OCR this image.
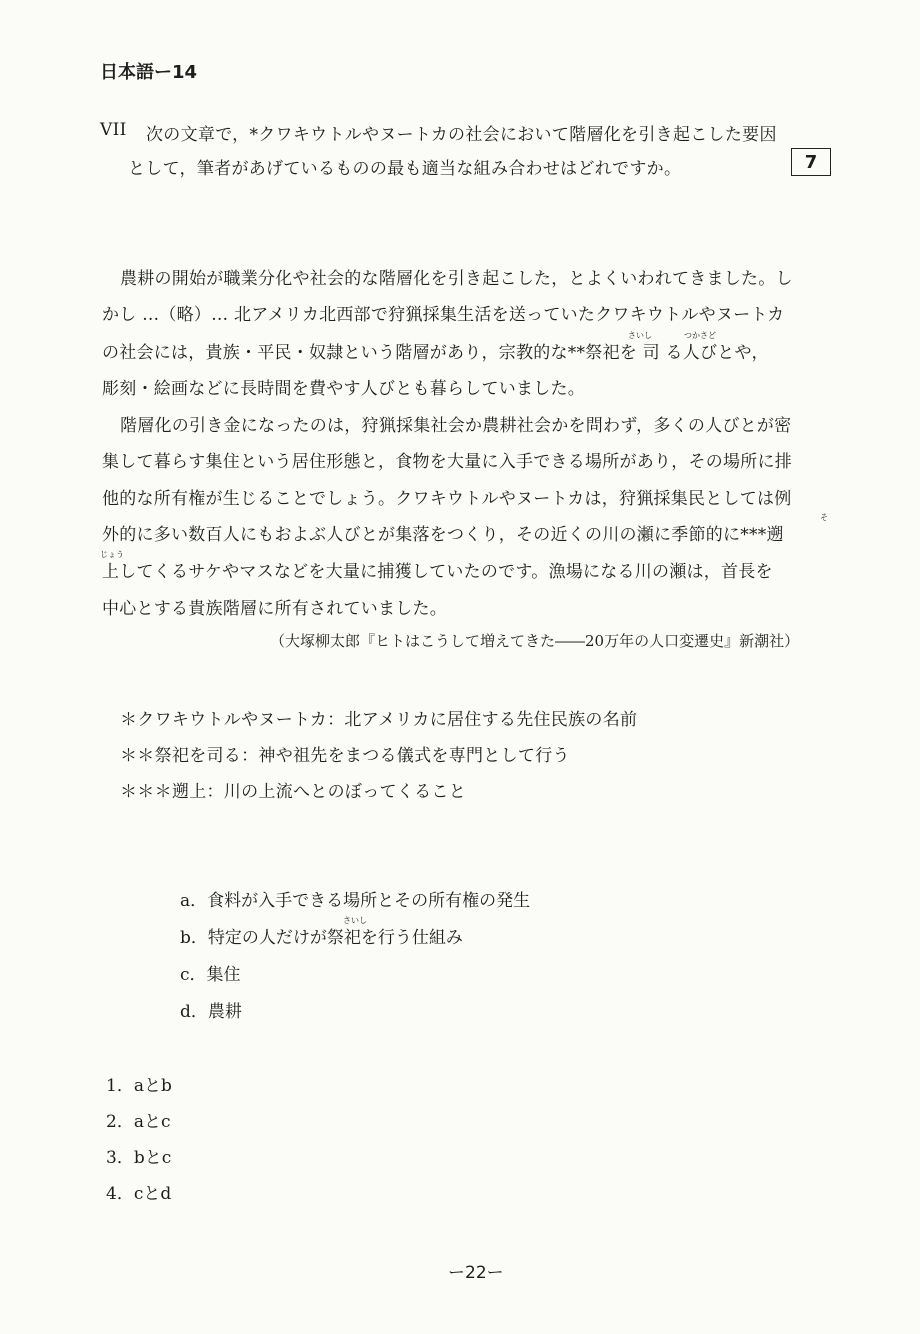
日本語ー14
VII 次の文章で，*クワキウトルやヌートカの社会において階層化を引き起こした要因
として，筆者があげているものの最も適当な組み合わせはどれですか。	7
農耕の開始が職業分化や社会的な階層化を引き起こした，とよくいわれてきました。し
かし …（略）… 北アメリカ北西部で狩猟採集生活を送っていたクワキウトルやヌートカ
さいし	つかさど
の社会には，貴族・平民・奴隷という階層があり，宗教的な**祭祀を 司 る人びとや，
彫刻・絵画などに長時間を費やす人びとも暮らしていました。
階層化の引き金になったのは，狩猟採集社会か農耕社会かを問わず，多くの人びとが密
集して暮らす集住という居住形態と，食物を大量に入手できる場所があり，その場所に排
他的な所有権が生じることでしょう。クワキウトルやヌートカは，狩猟採集民としては例
そ
外的に多い数百人にもおよぶ人びとが集落をつくり，その近くの川の瀬に季節的に***遡
じょう
上してくるサケやマスなどを大量に捕獲していたのです。漁場になる川の瀬は，首長を
中心とする貴族階層に所有されていました。
（大塚柳太郎『ヒトはこうして増えてきた――20万年の人口変遷史』新潮社）
＊クワキウトルやヌートカ：北アメリカに居住する先住民族の名前
＊＊祭祀を司る：神や祖先をまつる儀式を専門として行う
＊＊＊遡上：川の上流へとのぼってくること
a．食料が入手できる場所とその所有権の発生
さいし
b．特定の人だけが祭祀を行う仕組み
c．集住
d．農耕
1．aとb
2．aとc
3．bとc
4．cとd
ー22ー
